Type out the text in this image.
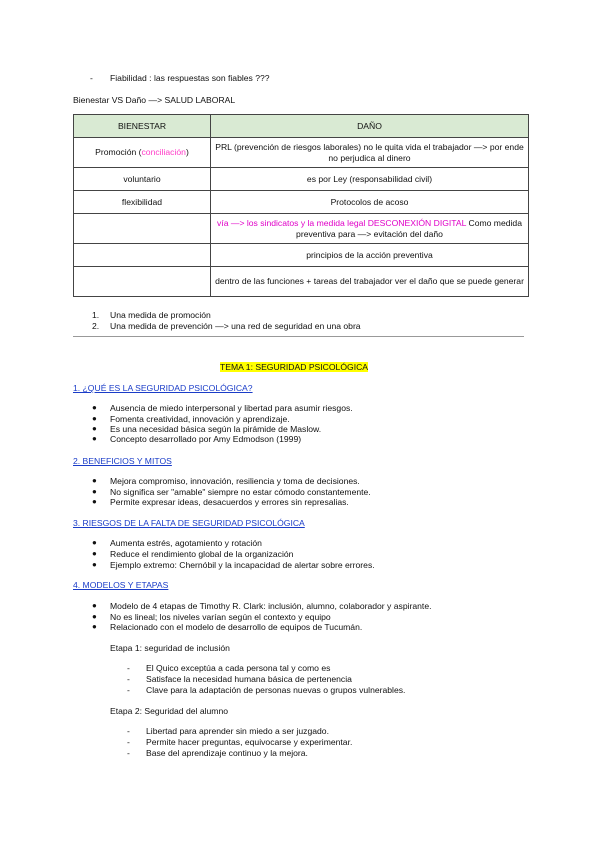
- Fiabilidad : las respuestas son fiables ???
Bienestar VS Daño —> SALUD LABORAL
BIENESTAR	DAÑO
Promoción (conciliación)	PRL (prevención de riesgos laborales) no le quita vida el trabajador —> por ende no perjudica al dinero
voluntario	es por Ley (responsabilidad civil)
flexibilidad	Protocolos de acoso
	vía —> los sindicatos y la medida legal DESCONEXIÓN DIGITAL Como medida preventiva para —> evitación del daño
	principios de la acción preventiva
	dentro de las funciones + tareas del trabajador ver el daño que se puede generar
1. Una medida de promoción
2. Una medida de prevención —> una red de seguridad en una obra
TEMA 1: SEGURIDAD PSICOLÓGICA
1. ¿QUÉ ES LA SEGURIDAD PSICOLÓGICA?
● Ausencia de miedo interpersonal y libertad para asumir riesgos.
● Fomenta creatividad, innovación y aprendizaje.
● Es una necesidad básica según la pirámide de Maslow.
● Concepto desarrollado por Amy Edmodson (1999)
2. BENEFICIOS Y MITOS
● Mejora compromiso, innovación, resiliencia y toma de decisiones.
● No significa ser "amable" siempre no estar cómodo constantemente.
● Permite expresar ideas, desacuerdos y errores sin represalias.
3. RIESGOS DE LA FALTA DE SEGURIDAD PSICOLÓGICA
● Aumenta estrés, agotamiento y rotación
● Reduce el rendimiento global de la organización
● Ejemplo extremo: Chernóbil y la incapacidad de alertar sobre errores.
4. MODELOS Y ETAPAS
● Modelo de 4 etapas de Timothy R. Clark: inclusión, alumno, colaborador y aspirante.
● No es lineal; los niveles varían según el contexto y equipo
● Relacionado con el modelo de desarrollo de equipos de Tucumán.
Etapa 1: seguridad de inclusión
- El Quico exceptúa a cada persona tal y como es
- Satisface la necesidad humana básica de pertenencia
- Clave para la adaptación de personas nuevas o grupos vulnerables.
Etapa 2: Seguridad del alumno
- Libertad para aprender sin miedo a ser juzgado.
- Permite hacer preguntas, equivocarse y experimentar.
- Base del aprendizaje continuo y la mejora.
